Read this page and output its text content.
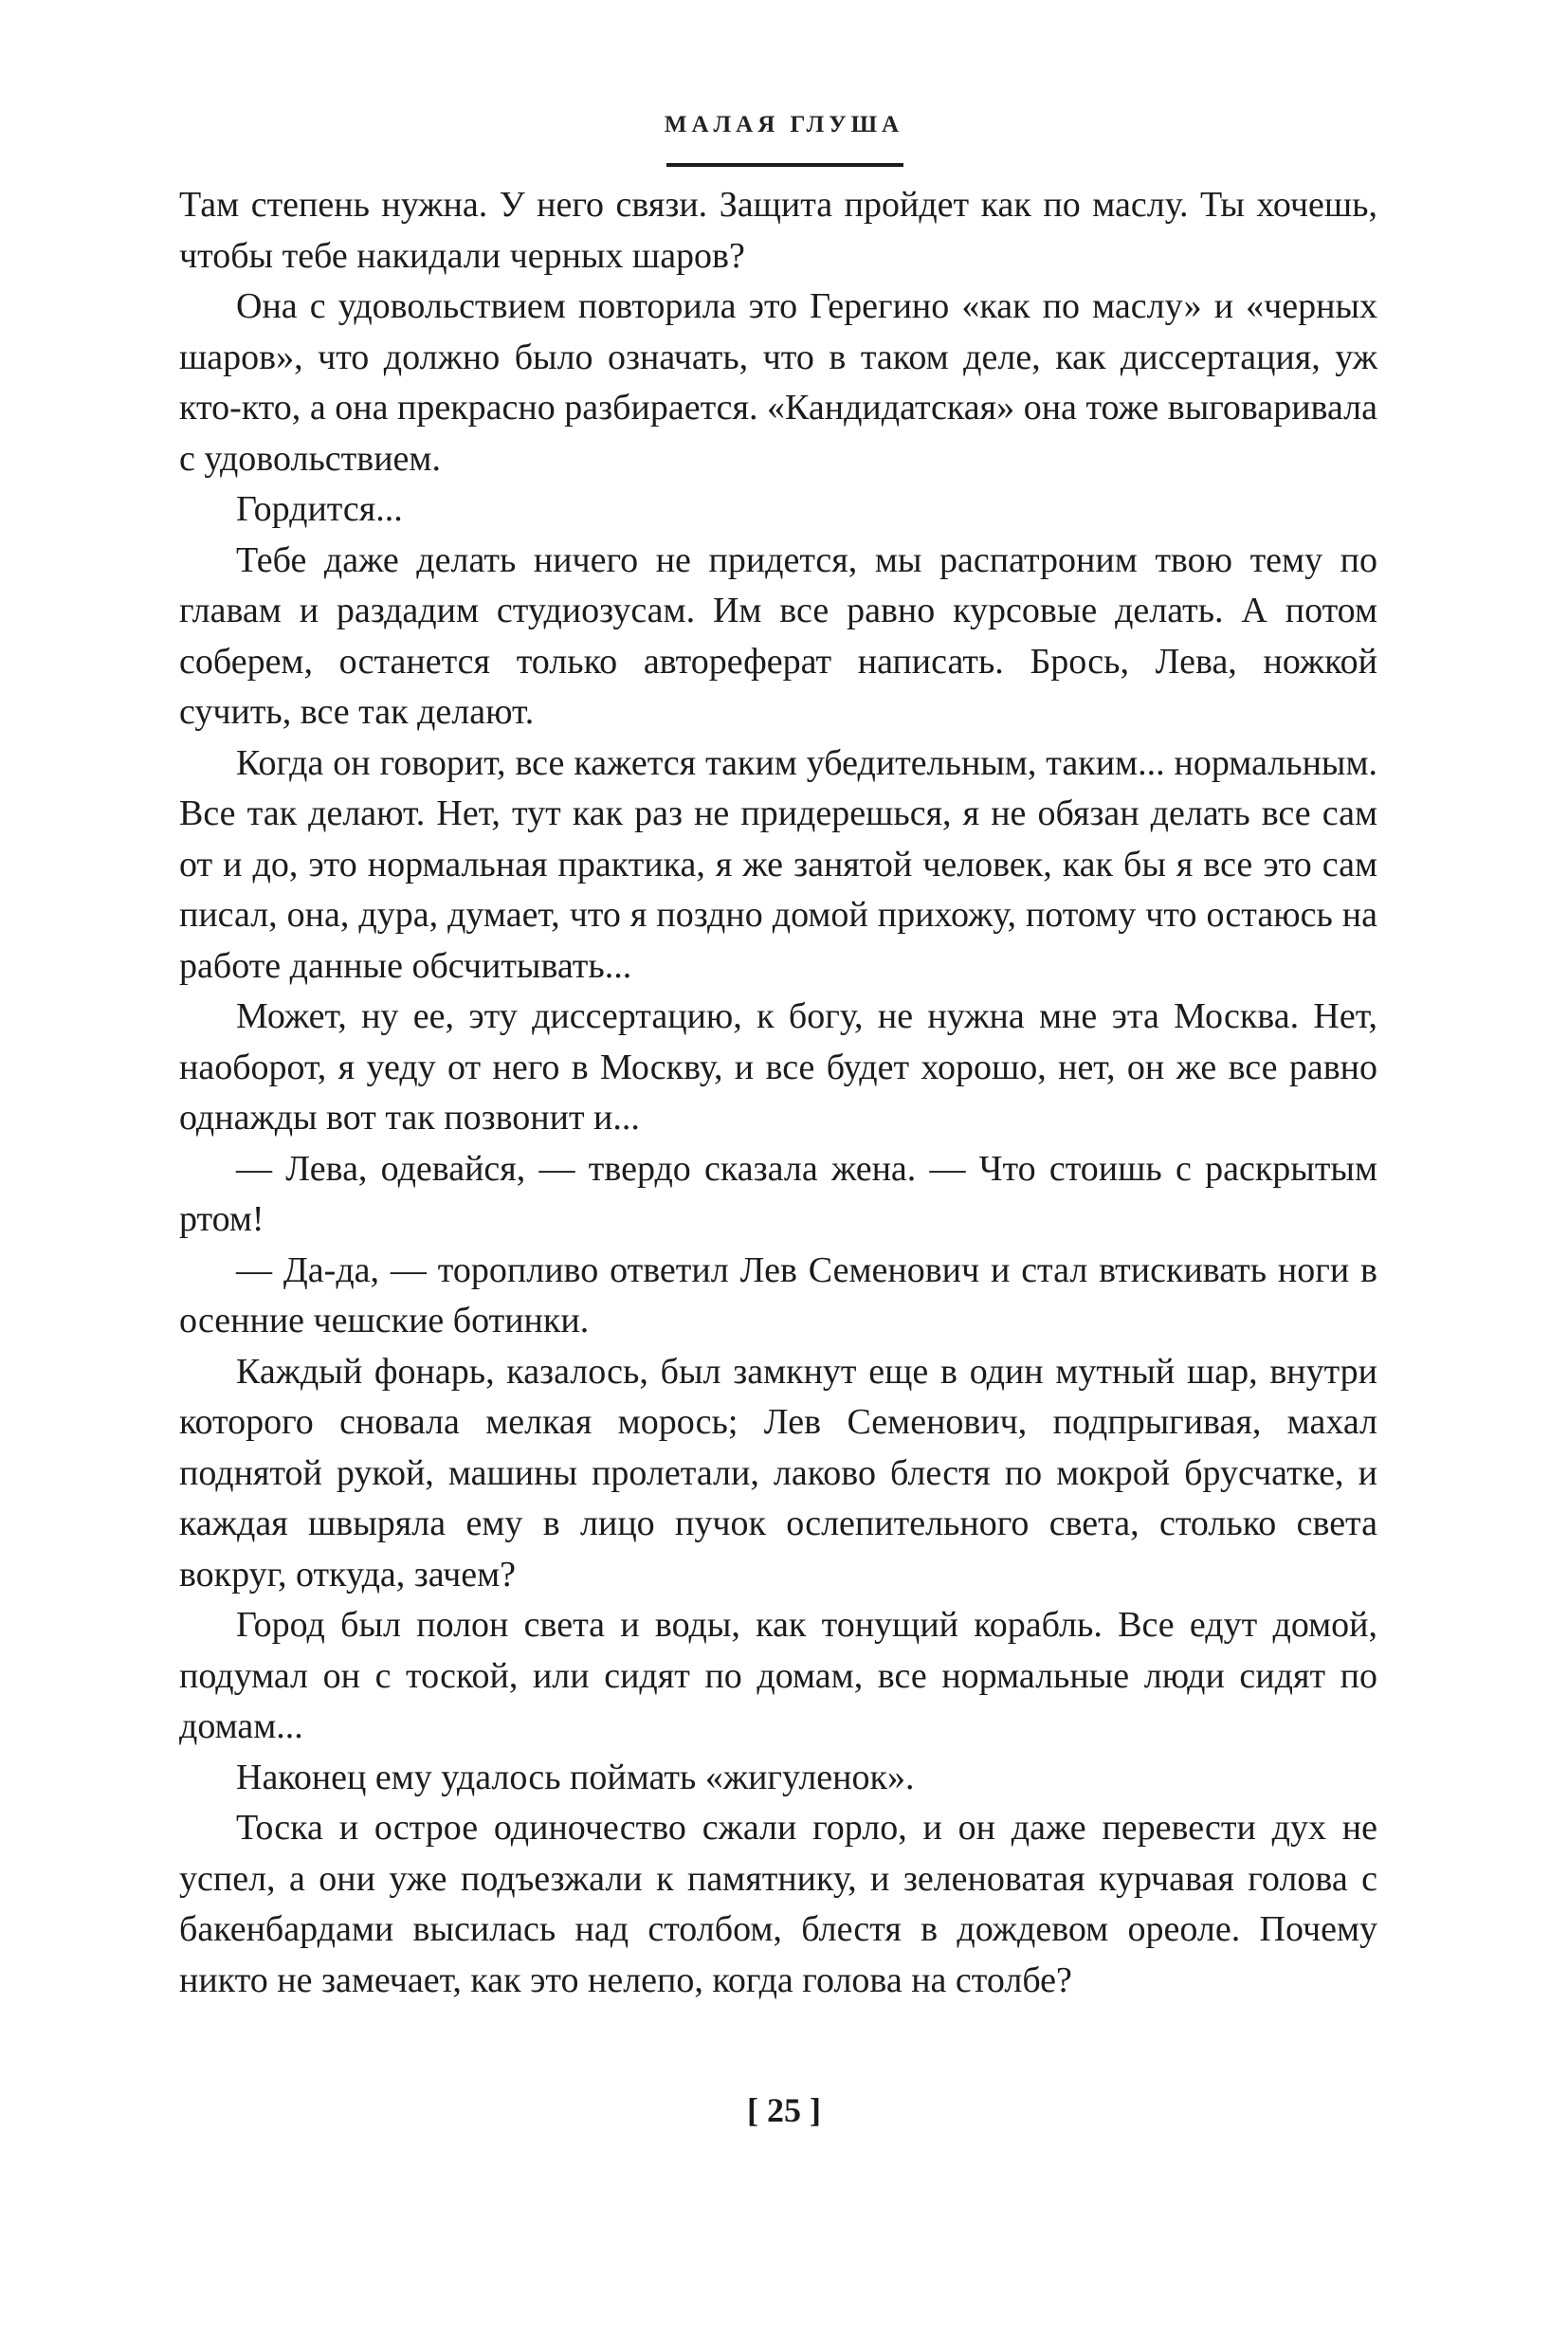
МАЛАЯ ГЛУША

Там степень нужна. У него связи. Защита пройдет как по маслу. Ты хочешь, чтобы тебе накидали черных шаров?

Она с удовольствием повторила это Герегино «как по маслу» и «черных шаров», что должно было означать, что в таком деле, как диссертация, уж кто-кто, а она прекрасно разбирается. «Кандидатская» она тоже выговаривала с удовольствием.

Гордится...

Тебе даже делать ничего не придется, мы распатроним твою тему по главам и раздадим студиозусам. Им все равно курсовые делать. А потом соберем, останется только автореферат написать. Брось, Лева, ножкой сучить, все так делают.

Когда он говорит, все кажется таким убедительным, таким... нормальным. Все так делают. Нет, тут как раз не придерешься, я не обязан делать все сам от и до, это нормальная практика, я же занятой человек, как бы я все это сам писал, она, дура, думает, что я поздно домой прихожу, потому что остаюсь на работе данные обсчитывать...

Может, ну ее, эту диссертацию, к богу, не нужна мне эта Москва. Нет, наоборот, я уеду от него в Москву, и все будет хорошо, нет, он же все равно однажды вот так позвонит и...

— Лева, одевайся, — твердо сказала жена. — Что стоишь с раскрытым ртом!

— Да-да, — торопливо ответил Лев Семенович и стал втискивать ноги в осенние чешские ботинки.

Каждый фонарь, казалось, был замкнут еще в один мутный шар, внутри которого сновала мелкая морось; Лев Семенович, подпрыгивая, махал поднятой рукой, машины пролетали, лаково блестя по мокрой брусчатке, и каждая швыряла ему в лицо пучок ослепительного света, столько света вокруг, откуда, зачем?

Город был полон света и воды, как тонущий корабль. Все едут домой, подумал он с тоской, или сидят по домам, все нормальные люди сидят по домам...

Наконец ему удалось поймать «жигуленок».

Тоска и острое одиночество сжали горло, и он даже перевести дух не успел, а они уже подъезжали к памятнику, и зеленоватая курчавая голова с бакенбардами высилась над столбом, блестя в дождевом ореоле. Почему никто не замечает, как это нелепо, когда голова на столбе?

[ 25 ]
